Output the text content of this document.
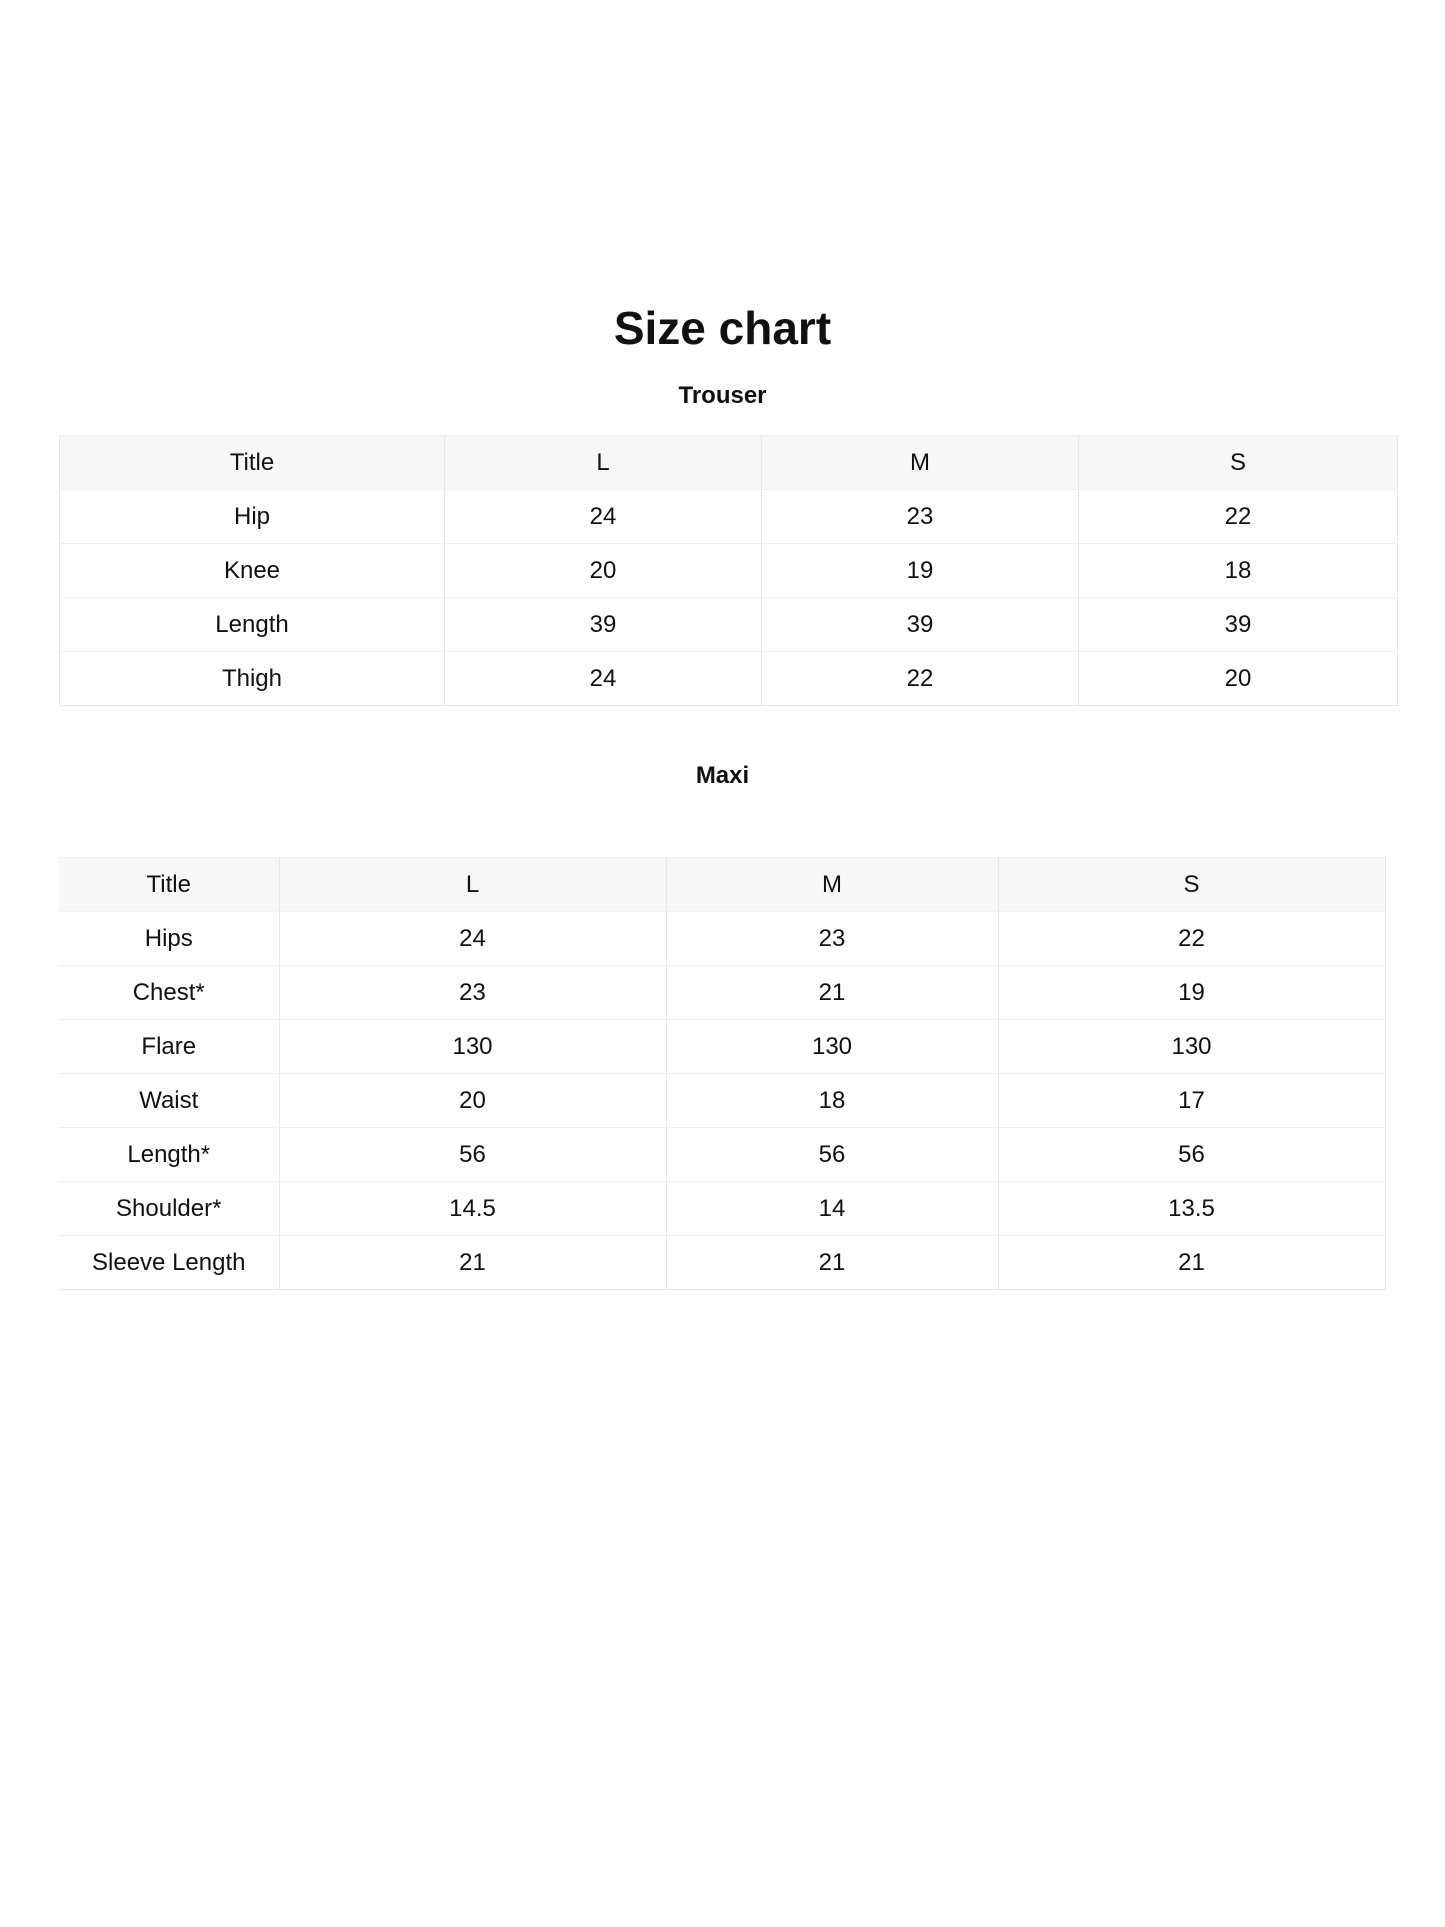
Size chart
Trouser
Title	L	M	S
Hip	24	23	22
Knee	20	19	18
Length	39	39	39
Thigh	24	22	20
Maxi
Title	L	M	S
Hips	24	23	22
Chest*	23	21	19
Flare	130	130	130
Waist	20	18	17
Length*	56	56	56
Shoulder*	14.5	14	13.5
Sleeve Length	21	21	21
